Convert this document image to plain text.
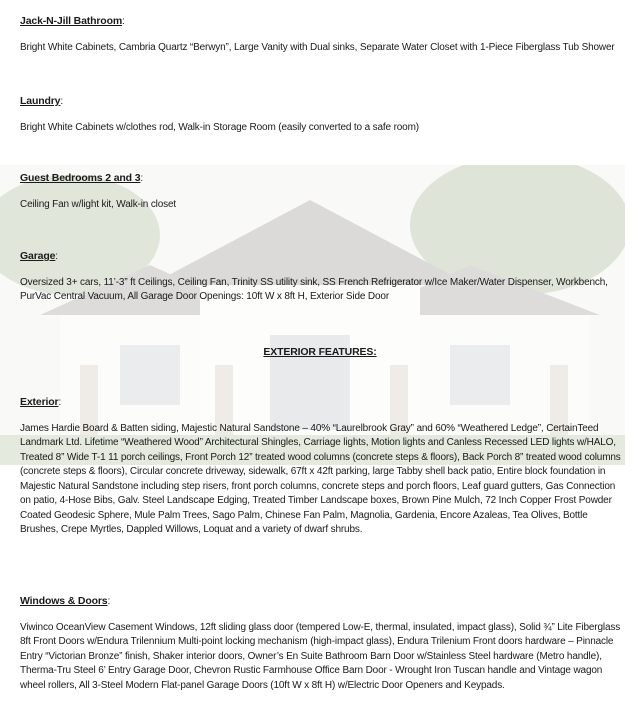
Jack-N-Jill Bathroom:
Bright White Cabinets, Cambria Quartz “Berwyn”, Large Vanity with Dual sinks, Separate Water Closet with 1-Piece Fiberglass Tub Shower
Laundry:
Bright White Cabinets w/clothes rod, Walk-in Storage Room (easily converted to a safe room)
Guest Bedrooms 2 and 3:
Ceiling Fan w/light kit, Walk-in closet
Garage:
Oversized 3+ cars, 11’-3” ft Ceilings, Ceiling Fan, Trinity SS utility sink, SS French Refrigerator w/Ice Maker/Water Dispenser, Workbench, PurVac Central Vacuum, All Garage Door Openings: 10ft W x 8ft H, Exterior Side Door
EXTERIOR FEATURES:
Exterior:
James Hardie Board & Batten siding, Majestic Natural Sandstone – 40% “Laurelbrook Gray” and 60% “Weathered Ledge”, CertainTeed Landmark Ltd. Lifetime “Weathered Wood” Architectural Shingles, Carriage lights, Motion lights and Canless Recessed LED lights w/HALO, Treated 8” Wide T-1 11 porch ceilings, Front Porch 12” treated wood columns (concrete steps & floors), Back Porch 8” treated wood columns (concrete steps & floors), Circular concrete driveway, sidewalk, 67ft x 42ft parking, large Tabby shell back patio, Entire block foundation in Majestic Natural Sandstone including step risers, front porch columns, concrete steps and porch floors, Leaf guard gutters, Gas Connection on patio, 4-Hose Bibs, Galv. Steel Landscape Edging, Treated Timber Landscape boxes, Brown Pine Mulch, 72 Inch Copper Frost Powder Coated Geodesic Sphere, Mule Palm Trees, Sago Palm, Chinese Fan Palm, Magnolia, Gardenia, Encore Azaleas, Tea Olives, Bottle Brushes, Crepe Myrtles, Dappled Willows, Loquat and a variety of dwarf shrubs.
Windows & Doors:
Viwinco OceanView Casement Windows, 12ft sliding glass door (tempered Low-E, thermal, insulated, impact glass), Solid ¾” Lite Fiberglass 8ft Front Doors w/Endura Trilennium Multi-point locking mechanism (high-impact glass), Endura Trilenium Front doors hardware – Pinnacle Entry “Victorian Bronze” finish, Shaker interior doors, Owner’s En Suite Bathroom Barn Door w/Stainless Steel hardware (Metro handle), Therma-Tru Steel 6’ Entry Garage Door, Chevron Rustic Farmhouse Office Barn Door - Wrought Iron Tuscan handle and Vintage wagon wheel rollers, All 3-Steel Modern Flat-panel Garage Doors (10ft W x 8ft H) w/Electric Door Openers and Keypads.
